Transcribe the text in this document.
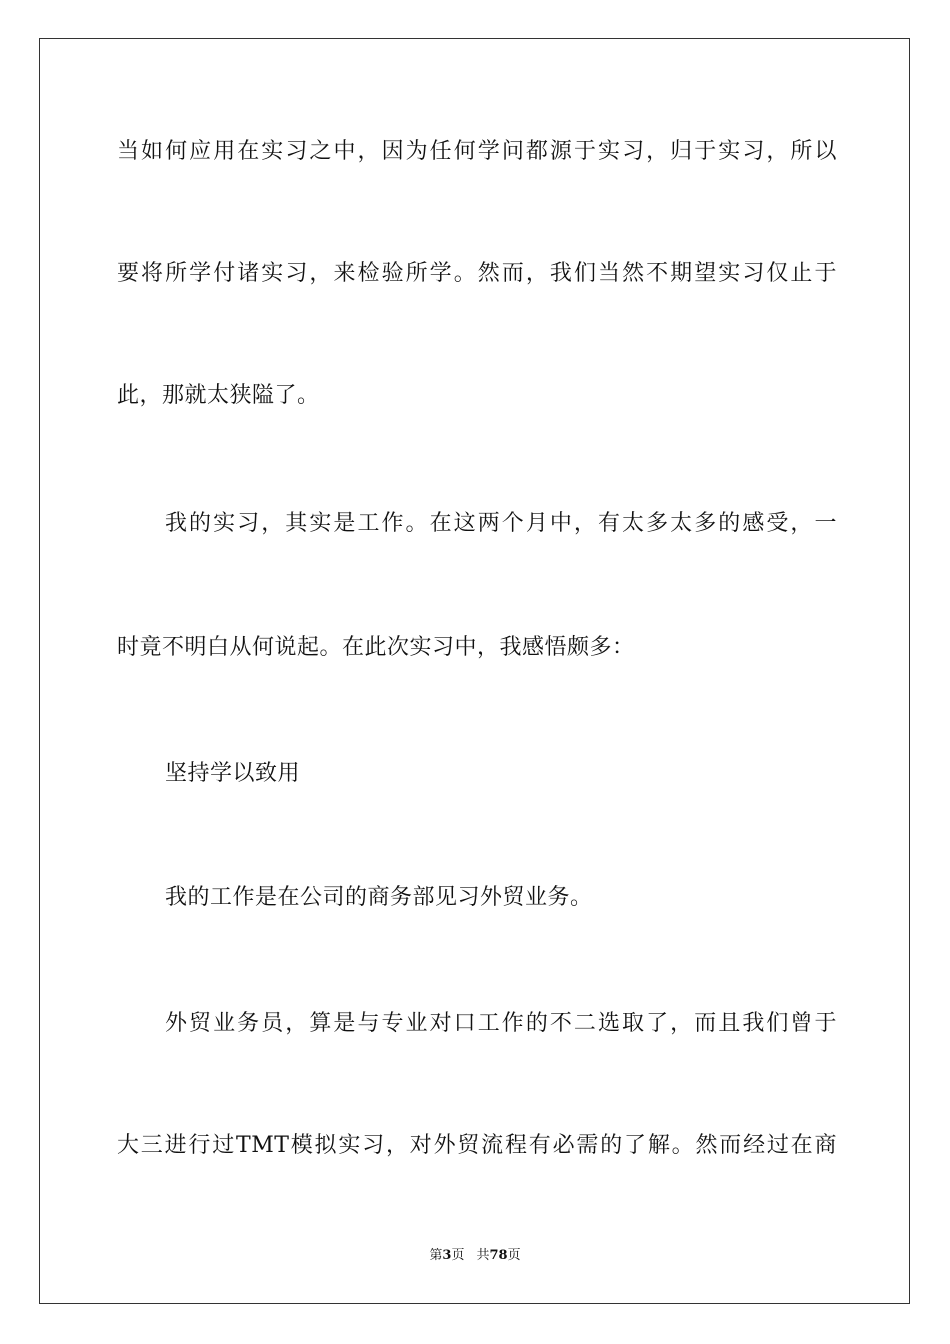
当如何应用在实习之中，因为任何学问都源于实习，归于实习，所以
要将所学付诸实习，来检验所学。然而，我们当然不期望实习仅止于
此，那就太狭隘了。
我的实习，其实是工作。在这两个月中，有太多太多的感受，一
时竟不明白从何说起。在此次实习中，我感悟颇多：
坚持学以致用
我的工作是在公司的商务部见习外贸业务。
外贸业务员，算是与专业对口工作的不二选取了，而且我们曾于
大三进行过TMT模拟实习，对外贸流程有必需的了解。然而经过在商
第3页 共78页
